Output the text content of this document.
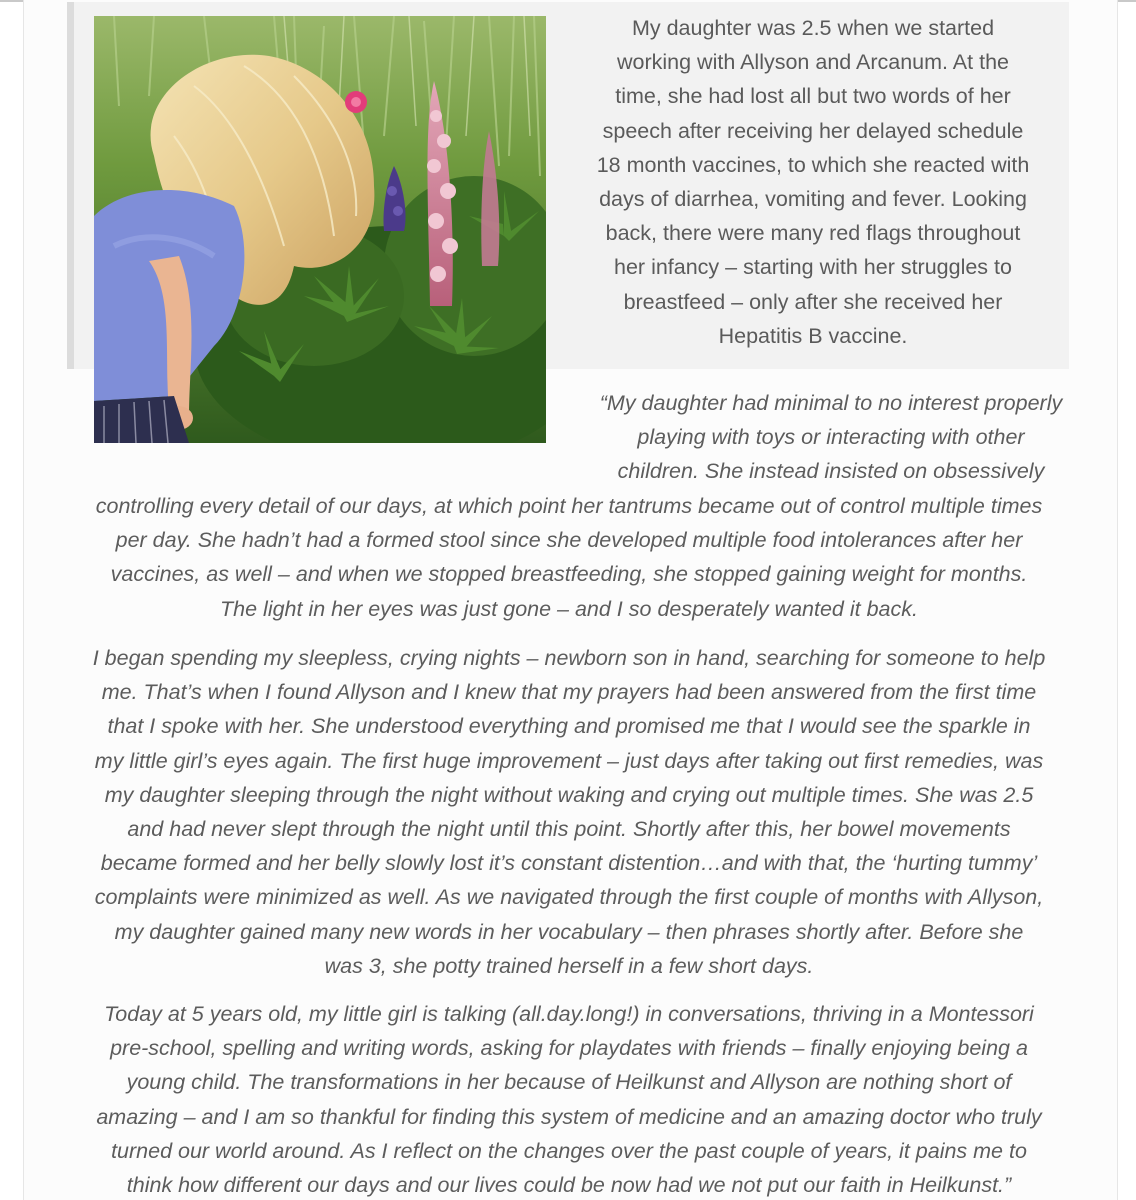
My daughter was 2.5 when we started
working with Allyson and Arcanum. At the
time, she had lost all but two words of her
speech after receiving her delayed schedule
18 month vaccines, to which she reacted with
days of diarrhea, vomiting and fever. Looking
back, there were many red flags throughout
her infancy – starting with her struggles to
breastfeed – only after she received her
Hepatitis B vaccine.

“My daughter had minimal to no interest properly
playing with toys or interacting with other
children. She instead insisted on obsessively

controlling every detail of our days, at which point her tantrums became out of control multiple times
per day. She hadn’t had a formed stool since she developed multiple food intolerances after her
vaccines, as well – and when we stopped breastfeeding, she stopped gaining weight for months.
The light in her eyes was just gone – and I so desperately wanted it back.

I began spending my sleepless, crying nights – newborn son in hand, searching for someone to help
me. That’s when I found Allyson and I knew that my prayers had been answered from the first time
that I spoke with her. She understood everything and promised me that I would see the sparkle in
my little girl’s eyes again. The first huge improvement – just days after taking out first remedies, was
my daughter sleeping through the night without waking and crying out multiple times. She was 2.5
and had never slept through the night until this point. Shortly after this, her bowel movements
became formed and her belly slowly lost it’s constant distention…and with that, the ‘hurting tummy’
complaints were minimized as well. As we navigated through the first couple of months with Allyson,
my daughter gained many new words in her vocabulary – then phrases shortly after. Before she
was 3, she potty trained herself in a few short days.

Today at 5 years old, my little girl is talking (all.day.long!) in conversations, thriving in a Montessori
pre-school, spelling and writing words, asking for playdates with friends – finally enjoying being a
young child. The transformations in her because of Heilkunst and Allyson are nothing short of
amazing – and I am so thankful for finding this system of medicine and an amazing doctor who truly
turned our world around. As I reflect on the changes over the past couple of years, it pains me to
think how different our days and our lives could be now had we not put our faith in Heilkunst.”
